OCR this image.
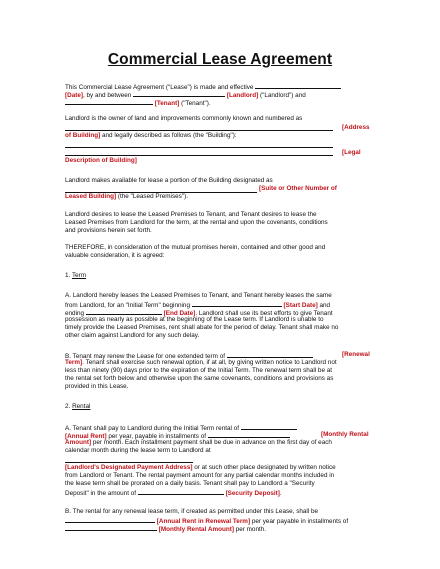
Commercial Lease Agreement
This Commercial Lease Agreement ("Lease") is made and effective
[Date], by and between	[Landlord] ("Landlord") and
[Tenant] ("Tenant").
Landlord is the owner of land and improvements commonly known and numbered as
[Address
of Building] and legally described as follows (the "Building"):
[Legal
Description of Building]
Landlord makes available for lease a portion of the Building designated as
[Suite or Other Number of
Leased Building] (the "Leased Premises").
Landlord desires to lease the Leased Premises to Tenant, and Tenant desires to lease the
Leased Premises from Landlord for the term, at the rental and upon the covenants, conditions
and provisions herein set forth.
THEREFORE, in consideration of the mutual promises herein, contained and other good and
valuable consideration, it is agreed:
1. Term
A. Landlord hereby leases the Leased Premises to Tenant, and Tenant hereby leases the same
from Landlord, for an "Initial Term" beginning	[Start Date] and
ending	[End Date]. Landlord shall use its best efforts to give Tenant
possession as nearly as possible at the beginning of the Lease term. If Landlord is unable to
timely provide the Leased Premises, rent shall abate for the period of delay. Tenant shall make no
other claim against Landlord for any such delay.
B. Tenant may renew the Lease for one extended term of	[Renewal
Term]. Tenant shall exercise such renewal option, if at all, by giving written notice to Landlord not
less than ninety (90) days prior to the expiration of the Initial Term. The renewal term shall be at
the rental set forth below and otherwise upon the same covenants, conditions and provisions as
provided in this Lease.
2. Rental
A. Tenant shall pay to Landlord during the Initial Term rental of
[Monthly Rental
[Annual Rent] per year, payable in installments of
Amount] per month. Each installment payment shall be due in advance on the first day of each
calendar month during the lease term to Landlord at
[Landlord's Designated Payment Address] or at such other place designated by written notice
from Landlord or Tenant. The rental payment amount for any partial calendar months included in
the lease term shall be prorated on a daily basis. Tenant shall pay to Landlord a "Security
Deposit" in the amount of	[Security Deposit].
B. The rental for any renewal lease term, if created as permitted under this Lease, shall be
[Annual Rent in Renewal Term] per year payable in installments of
[Monthly Rental Amount] per month.
